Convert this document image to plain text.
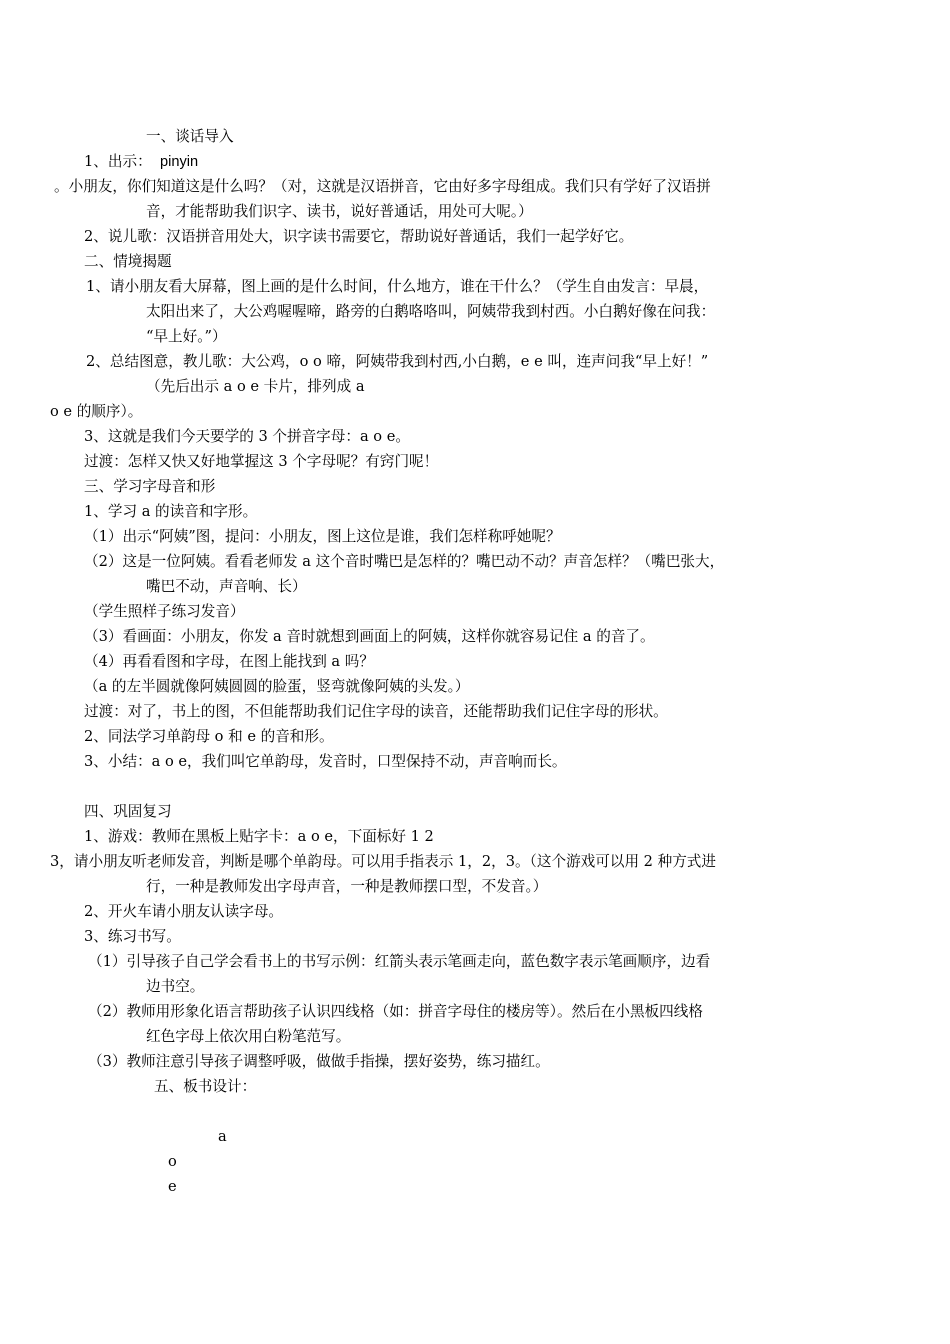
一、谈话导入
1、出示： pinyin
。小朋友，你们知道这是什么吗？（对，这就是汉语拼音，它由好多字母组成。我们只有学好了汉语拼
音，才能帮助我们识字、读书，说好普通话，用处可大呢。）
2、说儿歌：汉语拼音用处大，识字读书需要它，帮助说好普通话，我们一起学好它。
二、情境揭题
1、请小朋友看大屏幕，图上画的是什么时间，什么地方，谁在干什么？（学生自由发言：早晨，
太阳出来了，大公鸡喔喔啼，路旁的白鹅咯咯叫，阿姨带我到村西。小白鹅好像在问我：
“早上好。”）
2、总结图意，教儿歌：大公鸡，o o 啼，阿姨带我到村西,小白鹅，e e 叫，连声问我“早上好！”
（先后出示 a o e 卡片，排列成 a
o e 的顺序）。
3、这就是我们今天要学的 3 个拼音字母：a o e。
过渡：怎样又快又好地掌握这 3 个字母呢？有窍门呢！
三、学习字母音和形
1、学习 a 的读音和字形。
（1）出示“阿姨”图，提问：小朋友，图上这位是谁，我们怎样称呼她呢？
（2）这是一位阿姨。看看老师发 a 这个音时嘴巴是怎样的？嘴巴动不动？声音怎样？（嘴巴张大，
嘴巴不动，声音响、长）
（学生照样子练习发音）
（3）看画面：小朋友，你发 a 音时就想到画面上的阿姨，这样你就容易记住 a 的音了。
（4）再看看图和字母，在图上能找到 a 吗？
（a 的左半圆就像阿姨圆圆的脸蛋，竖弯就像阿姨的头发。）
过渡：对了，书上的图，不但能帮助我们记住字母的读音，还能帮助我们记住字母的形状。
2、同法学习单韵母 o 和 e 的音和形。
3、小结：a o e，我们叫它单韵母，发音时，口型保持不动，声音响而长。
四、巩固复习
1、游戏：教师在黑板上贴字卡：a o e，下面标好 1 2
3，请小朋友听老师发音，判断是哪个单韵母。可以用手指表示 1，2，3。（这个游戏可以用 2 种方式进
行，一种是教师发出字母声音，一种是教师摆口型，不发音。）
2、开火车请小朋友认读字母。
3、练习书写。
（1）引导孩子自己学会看书上的书写示例：红箭头表示笔画走向，蓝色数字表示笔画顺序，边看
边书空。
（2）教师用形象化语言帮助孩子认识四线格（如：拼音字母住的楼房等）。然后在小黑板四线格
红色字母上依次用白粉笔范写。
（3）教师注意引导孩子调整呼吸，做做手指操，摆好姿势，练习描红。
五、板书设计：
a
o
e
